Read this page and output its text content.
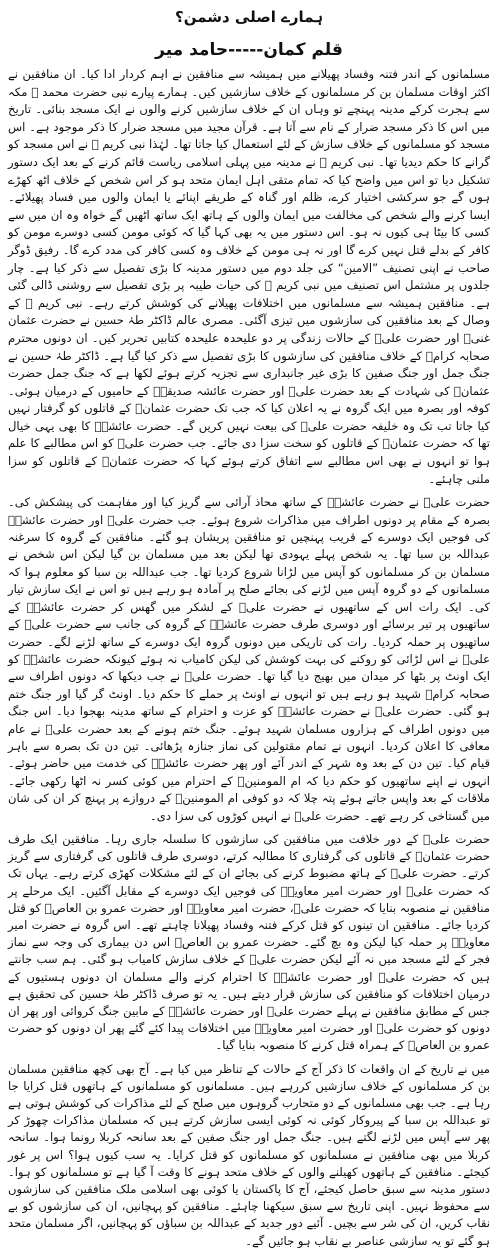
ہمارے اصلی دشمن؟
قلم کمان-----حامد میر

مسلمانوں کے اندر فتنہ وفساد پھیلانے میں ہمیشہ سے منافقین نے اہم کردار ادا کیا۔ ان منافقین نے اکثر اوقات مسلمان بن کر مسلمانوں کے خلاف سازشیں کیں۔ ہمارے پیارے نبی حضرت محمد ﷺ مکہ سے ہجرت کرکے مدینہ پہنچے تو وہاں ان کے خلاف سازشیں کرنے والوں نے ایک مسجد بنائی۔ تاریخ میں اس کا ذکر مسجد ضرار کے نام سے آتا ہے۔ قرآن مجید میں مسجد ضرار کا ذکر موجود ہے۔ اس مسجد کو مسلمانوں کے خلاف سازش کے لئے استعمال کیا جاتا تھا۔ لہٰذا نبی کریم ﷺ نے اس مسجد کو گرانے کا حکم دیدیا تھا۔ نبی کریم ﷺ نے مدینہ میں پہلی اسلامی ریاست قائم کرنے کے بعد ایک دستور تشکیل دیا تو اس میں واضح کیا کہ تمام متقی اہل ایمان متحد ہو کر اس شخص کے خلاف اٹھ کھڑے ہوں گے جو سرکشی اختیار کرے، ظلم اور گناہ کے طریقے اپنائے یا ایمان والوں میں فساد پھیلائے۔ ایسا کرنے والے شخص کی مخالفت میں ایمان والوں کے ہاتھ ایک ساتھ اٹھیں گے خواہ وہ ان میں سے کسی کا بیٹا ہی کیوں نہ ہو۔ اس دستور میں یہ بھی کہا گیا کہ کوئی مومن کسی دوسرے مومن کو کافر کے بدلے قتل نہیں کرے گا اور نہ ہی مومن کے خلاف وہ کسی کافر کی مدد کرے گا۔ رفیق ڈوگر صاحب نے اپنی تصنیف ”الامین“ کی جلد دوم میں دستور مدینہ کا بڑی تفصیل سے ذکر کیا ہے۔ چار جلدوں پر مشتمل اس تصنیف میں نبی کریم ﷺ کی حیات طیبہ پر بڑی تفصیل سے روشنی ڈالی گئی ہے۔ منافقین ہمیشہ سے مسلمانوں میں اختلافات پھیلانے کی کوشش کرتے رہے۔ نبی کریم ﷺ کے وصال کے بعد منافقین کی سازشوں میں تیزی آگئی۔ مصری عالم ڈاکٹر طہٰ حسین نے حضرت عثمان غنیؓ اور حضرت علیؓ کے حالات زندگی پر دو علیحدہ علیحدہ کتابیں تحریر کیں۔ ان دونوں محترم صحابہ کرامؓ کے خلاف منافقین کی سازشوں کا بڑی تفصیل سے ذکر کیا گیا ہے۔ ڈاکٹر طہٰ حسین نے جنگ جمل اور جنگ صفین کا بڑی غیر جانبداری سے تجزیہ کرتے ہوئے لکھا ہے کہ جنگ جمل حضرت عثمانؓ کی شہادت کے بعد حضرت علیؓ اور حضرت عائشہ صدیقہؓ کے حامیوں کے درمیان ہوئی۔ کوفہ اور بصرہ میں ایک گروہ نے یہ اعلان کیا کہ جب تک حضرت عثمانؓ کے قاتلوں کو گرفتار نہیں کیا جاتا تب تک وہ خلیفہ حضرت علیؓ کی بیعت نہیں کریں گے۔ حضرت عائشہؓ کا بھی یہی خیال تھا کہ حضرت عثمانؓ کے قاتلوں کو سخت سزا دی جائے۔ جب حضرت علیؓ کو اس مطالبے کا علم ہوا تو انہوں نے بھی اس مطالبے سے اتفاق کرتے ہوئے کہا کہ حضرت عثمانؓ کے قاتلوں کو سزا ملنی چاہئے۔

حضرت علیؓ نے حضرت عائشہؓ کے ساتھ محاذ آرائی سے گریز کیا اور مفاہمت کی پیشکش کی۔ بصرہ کے مقام پر دونوں اطراف میں مذاکرات شروع ہوئے۔ جب حضرت علیؓ اور حضرت عائشہؓ کی فوجیں ایک دوسرے کے قریب پہنچیں تو منافقین پریشان ہو گئے۔ منافقین کے گروہ کا سرغنہ عبداللہ بن سبا تھا۔ یہ شخص پہلے یہودی تھا لیکن بعد میں مسلمان بن گیا لیکن اس شخص نے مسلمان بن کر مسلمانوں کو آپس میں لڑانا شروع کردیا تھا۔ جب عبداللہ بن سبا کو معلوم ہوا کہ مسلمانوں کے دو گروہ آپس میں لڑنے کی بجائے صلح پر آمادہ ہو رہے ہیں تو اس نے ایک سازش تیار کی۔ ایک رات اس کے ساتھیوں نے حضرت علیؓ کے لشکر میں گھس کر حضرت عائشہؓ کے ساتھیوں پر تیر برسائے اور دوسری طرف حضرت عائشہؓ کے گروہ کی جانب سے حضرت علیؓ کے ساتھیوں پر حملہ کردیا۔ رات کی تاریکی میں دونوں گروہ ایک دوسرے کے ساتھ لڑنے لگے۔ حضرت علیؓ نے اس لڑائی کو روکنے کی بہت کوشش کی لیکن کامیاب نہ ہوئے کیونکہ حضرت عائشہؓ کو ایک اونٹ پر بٹھا کر میدان میں بھیج دیا گیا تھا۔ حضرت علیؓ نے جب دیکھا کہ دونوں اطراف سے صحابہ کرامؓ شہید ہو رہے ہیں تو انہوں نے اونٹ پر حملے کا حکم دیا۔ اونٹ گر گیا اور جنگ ختم ہو گئی۔ حضرت علیؓ نے حضرت عائشہؓ کو عزت و احترام کے ساتھ مدینہ بھجوا دیا۔ اس جنگ میں دونوں اطراف کے ہزاروں مسلمان شہید ہوئے۔ جنگ ختم ہونے کے بعد حضرت علیؓ نے عام معافی کا اعلان کردیا۔ انہوں نے تمام مقتولین کی نماز جنازہ پڑھائی۔ تین دن تک بصرہ سے باہر قیام کیا۔ تین دن کے بعد وہ شہر کے اندر آئے اور پھر حضرت عائشہؓ کی خدمت میں حاضر ہوئے۔ انہوں نے اپنے ساتھیوں کو حکم دیا کہ ام المومنینؓ کے احترام میں کوئی کسر نہ اٹھا رکھی جائے۔ ملاقات کے بعد واپس جاتے ہوئے پتہ چلا کہ دو کوفی ام المومنینؓ کے دروازے پر پہنچ کر ان کی شان میں گستاخی کر رہے تھے۔ حضرت علیؓ نے انہیں کوڑوں کی سزا دی۔

حضرت علیؓ کے دور خلافت میں منافقین کی سازشوں کا سلسلہ جاری رہا۔ منافقین ایک طرف حضرت عثمانؓ کے قاتلوں کی گرفتاری کا مطالبہ کرتے، دوسری طرف قاتلوں کی گرفتاری سے گریز کرتے۔ حضرت علیؓ کے ہاتھ مضبوط کرنے کی بجائے ان کے لئے مشکلات کھڑی کرتے رہے۔ یہاں تک کہ حضرت علیؓ اور حضرت امیر معاویہؓ کی فوجیں ایک دوسرے کے مقابل آگئیں۔ ایک مرحلے پر منافقین نے منصوبہ بنایا کہ حضرت علیؓ، حضرت امیر معاویہؓ اور حضرت عمرو بن العاصؓ کو قتل کردیا جائے۔ منافقین ان تینوں کو قتل کرکے فتنہ وفساد پھیلانا چاہتے تھے۔ اس گروہ نے حضرت امیر معاویہؓ پر حملہ کیا لیکن وہ بچ گئے۔ حضرت عمرو بن العاصؓ اس دن بیماری کی وجہ سے نماز فجر کے لئے مسجد میں نہ آئے لیکن حضرت علیؓ کے خلاف سازش کامیاب ہو گئی۔ ہم سب جانتے ہیں کہ حضرت علیؓ اور حضرت عائشہؓ کا احترام کرنے والے مسلمان ان دونوں ہستیوں کے درمیان اختلافات کو منافقین کی سازش قرار دیتے ہیں۔ یہ تو صرف ڈاکٹر طہٰ حسین کی تحقیق ہے جس کے مطابق منافقین نے پہلے حضرت علیؓ اور حضرت عائشہؓ کے مابین جنگ کروائی اور پھر ان دونوں کو حضرت علیؓ اور حضرت امیر معاویہؓ میں اختلافات پیدا کئے گئے پھر ان دونوں کو حضرت عمرو بن العاصؓ کے ہمراہ قتل کرنے کا منصوبہ بنایا گیا۔

میں نے تاریخ کے ان واقعات کا ذکر آج کے حالات کے تناظر میں کیا ہے۔ آج بھی کچھ منافقین مسلمان بن کر مسلمانوں کے خلاف سازشیں کررہے ہیں۔ مسلمانوں کو مسلمانوں کے ہاتھوں قتل کرایا جا رہا ہے۔ جب بھی مسلمانوں کے دو متحارب گروہوں میں صلح کے لئے مذاکرات کی کوشش ہوتی ہے تو عبداللہ بن سبا کے پیروکار کوئی نہ کوئی ایسی سازش کرتے ہیں کہ مسلمان مذاکرات چھوڑ کر پھر سے آپس میں لڑنے لگتے ہیں۔ جنگ جمل اور جنگ صفین کے بعد سانحہ کربلا رونما ہوا۔ سانحہ کربلا میں بھی منافقین نے مسلمانوں کو مسلمانوں کو قتل کرایا۔ یہ سب کیوں ہوا؟ اس پر غور کیجئے۔ منافقین کے ہاتھوں کھیلنے والوں کے خلاف متحد ہونے کا وقت آ گیا ہے تو مسلمانوں کو ہوا۔ دستور مدینہ سے سبق حاصل کیجئے، آج کا پاکستان یا کوئی بھی اسلامی ملک منافقین کی سازشوں سے محفوظ نہیں۔ اپنی تاریخ سے سبق سیکھنا چاہئے۔ منافقین کو پہچانیں، ان کی سازشوں کو بے نقاب کریں، ان کی شر سے بچیں۔ آئیے دور جدید کے عبداللہ بن سباؤں کو پہچانیں، اگر مسلمان متحد ہو گئے تو یہ سازشی عناصر بے نقاب ہو جائیں گے۔
